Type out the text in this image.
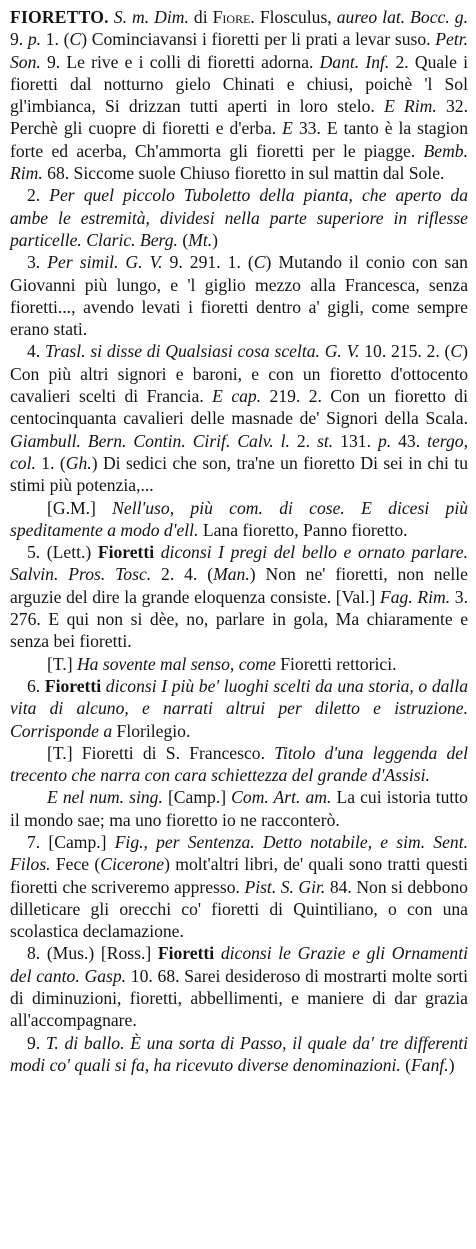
FIORETTO. S. m. Dim. di Fiore. Flosculus, aureo lat. Bocc. g. 9. p. 1. (C) Cominciavansi i fioretti per li prati a levar suso. Petr. Son. 9. Le rive e i colli di fioretti adorna. Dant. Inf. 2. Quale i fioretti dal notturno gielo Chinati e chiusi, poichè 'l Sol gl'imbianca, Si drizzan tutti aperti in loro stelo. E Rim. 32. Perchè gli cuopre di fioretti e d'erba. E 33. E tanto è la stagion forte ed acerba, Ch'ammorta gli fioretti per le piagge. Bemb. Rim. 68. Siccome suole Chiuso fioretto in sul mattin dal Sole.

2. Per quel piccolo Tuboletto della pianta, che aperto da ambe le estremità, dividesi nella parte superiore in riflesse particelle. Claric. Berg. (Mt.)

3. Per simil. G. V. 9. 291. 1. (C) Mutando il conio con san Giovanni più lungo, e 'l giglio mezzo alla Francesca, senza fioretti..., avendo levati i fioretti dentro a' gigli, come sempre erano stati.

4. Trasl. si disse di Qualsiasi cosa scelta. G. V. 10. 215. 2. (C) Con più altri signori e baroni, e con un fioretto d'ottocento cavalieri scelti di Francia. E cap. 219. 2. Con un fioretto di centocinquanta cavalieri delle masnade de' Signori della Scala. Giambull. Bern. Contin. Cirif. Calv. l. 2. st. 131. p. 43. tergo, col. 1. (Gh.) Di sedici che son, tra'ne un fioretto Di sei in chi tu stimi più potenzia,...

[G.M.] Nell'uso, più com. di cose. E dicesi più speditamente a modo d'ell. Lana fioretto, Panno fioretto.

5. (Lett.) Fioretti diconsi I pregi del bello e ornato parlare. Salvin. Pros. Tosc. 2. 4. (Man.) Non ne' fioretti, non nelle arguzie del dire la grande eloquenza consiste. [Val.] Fag. Rim. 3. 276. E qui non si dèe, no, parlare in gola, Ma chiaramente e senza bei fioretti.

[T.] Ha sovente mal senso, come Fioretti rettorici.

6. Fioretti diconsi I più be' luoghi scelti da una storia, o dalla vita di alcuno, e narrati altrui per diletto e istruzione. Corrisponde a Florilegio.

[T.] Fioretti di S. Francesco. Titolo d'una leggenda del trecento che narra con cara schiettezza del grande d'Assisi.

E nel num. sing. [Camp.] Com. Art. am. La cui istoria tutto il mondo sae; ma uno fioretto io ne racconterò.

7. [Camp.] Fig., per Sentenza. Detto notabile, e sim. Sent. Filos. Fece (Cicerone) molt'altri libri, de' quali sono tratti questi fioretti che scriveremo appresso. Pist. S. Gir. 84. Non si debbono dilleticare gli orecchi co' fioretti di Quintiliano, o con una scolastica declamazione.

8. (Mus.) [Ross.] Fioretti diconsi le Grazie e gli Ornamenti del canto. Gasp. 10. 68. Sarei desideroso di mostrarti molte sorti di diminuzioni, fioretti, abbellimenti, e maniere di dar grazia all'accompagnare.

9. T. di ballo. È una sorta di Passo, il quale da' tre differenti modi co' quali si fa, ha ricevuto diverse denominazioni. (Fanf.)
